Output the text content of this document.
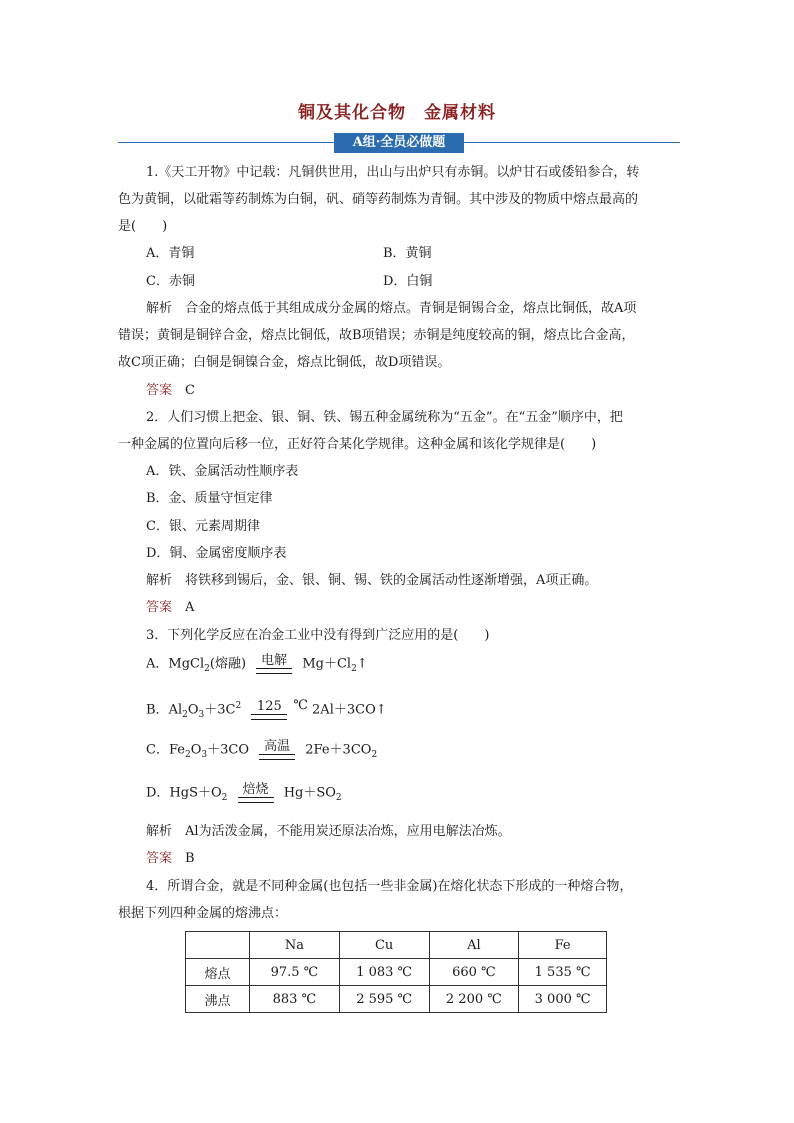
铜及其化合物　金属材料
A组·全员必做题
1.《天工开物》中记载：凡铜供世用，出山与出炉只有赤铜。以炉甘石或倭铅参合，转
色为黄铜，以砒霜等药制炼为白铜，矾、硝等药制炼为青铜。其中涉及的物质中熔点最高的
是(　　)
A．青铜	B．黄铜
C．赤铜	D．白铜
解析　 合金的熔点低于其组成成分金属的熔点。青铜是铜锡合金，熔点比铜低，故A项
错误；黄铜是铜锌合金，熔点比铜低，故B项错误；赤铜是纯度较高的铜，熔点比合金高，
故C项正确；白铜是铜镍合金，熔点比铜低，故D项错误。
答案　 C
2．人们习惯上把金、银、铜、铁、锡五种金属统称为“五金”。在“五金”顺序中，把
一种金属的位置向后移一位，正好符合某化学规律。这种金属和该化学规律是(　　)
A．铁、金属活动性顺序表
B．金、质量守恒定律
C．银、元素周期律
D．铜、金属密度顺序表
解析　 将铁移到锡后，金、银、铜、锡、铁的金属活动性逐渐增强，A项正确。
答案　 A
3．下列化学反应在冶金工业中没有得到广泛应用的是(　　)
A．MgCl$_2$(熔融)	电解	$Mg+Cl_2↑$
B．$Al_2O_3+3C^2$	125 ℃ 2Al＋3CO↑
C．$Fe_2O_3+3CO$	高温	$2Fe+3CO_2$
D．$HgS+O_2$
焙烧	$Hg+SO_2$
解析　 Al为活泼金属，不能用炭还原法冶炼，应用电解法冶炼。
答案　 B
4．所谓合金，就是不同种金属(也包括一些非金属)在熔化状态下形成的一种熔合物，
根据下列四种金属的熔沸点：
	Na	Cu	Al	Fe
熔点	97.5 ℃	1 083 ℃	660 ℃	1 535 ℃
沸点	883 ℃	2 595 ℃	2 200 ℃	3 000 ℃
